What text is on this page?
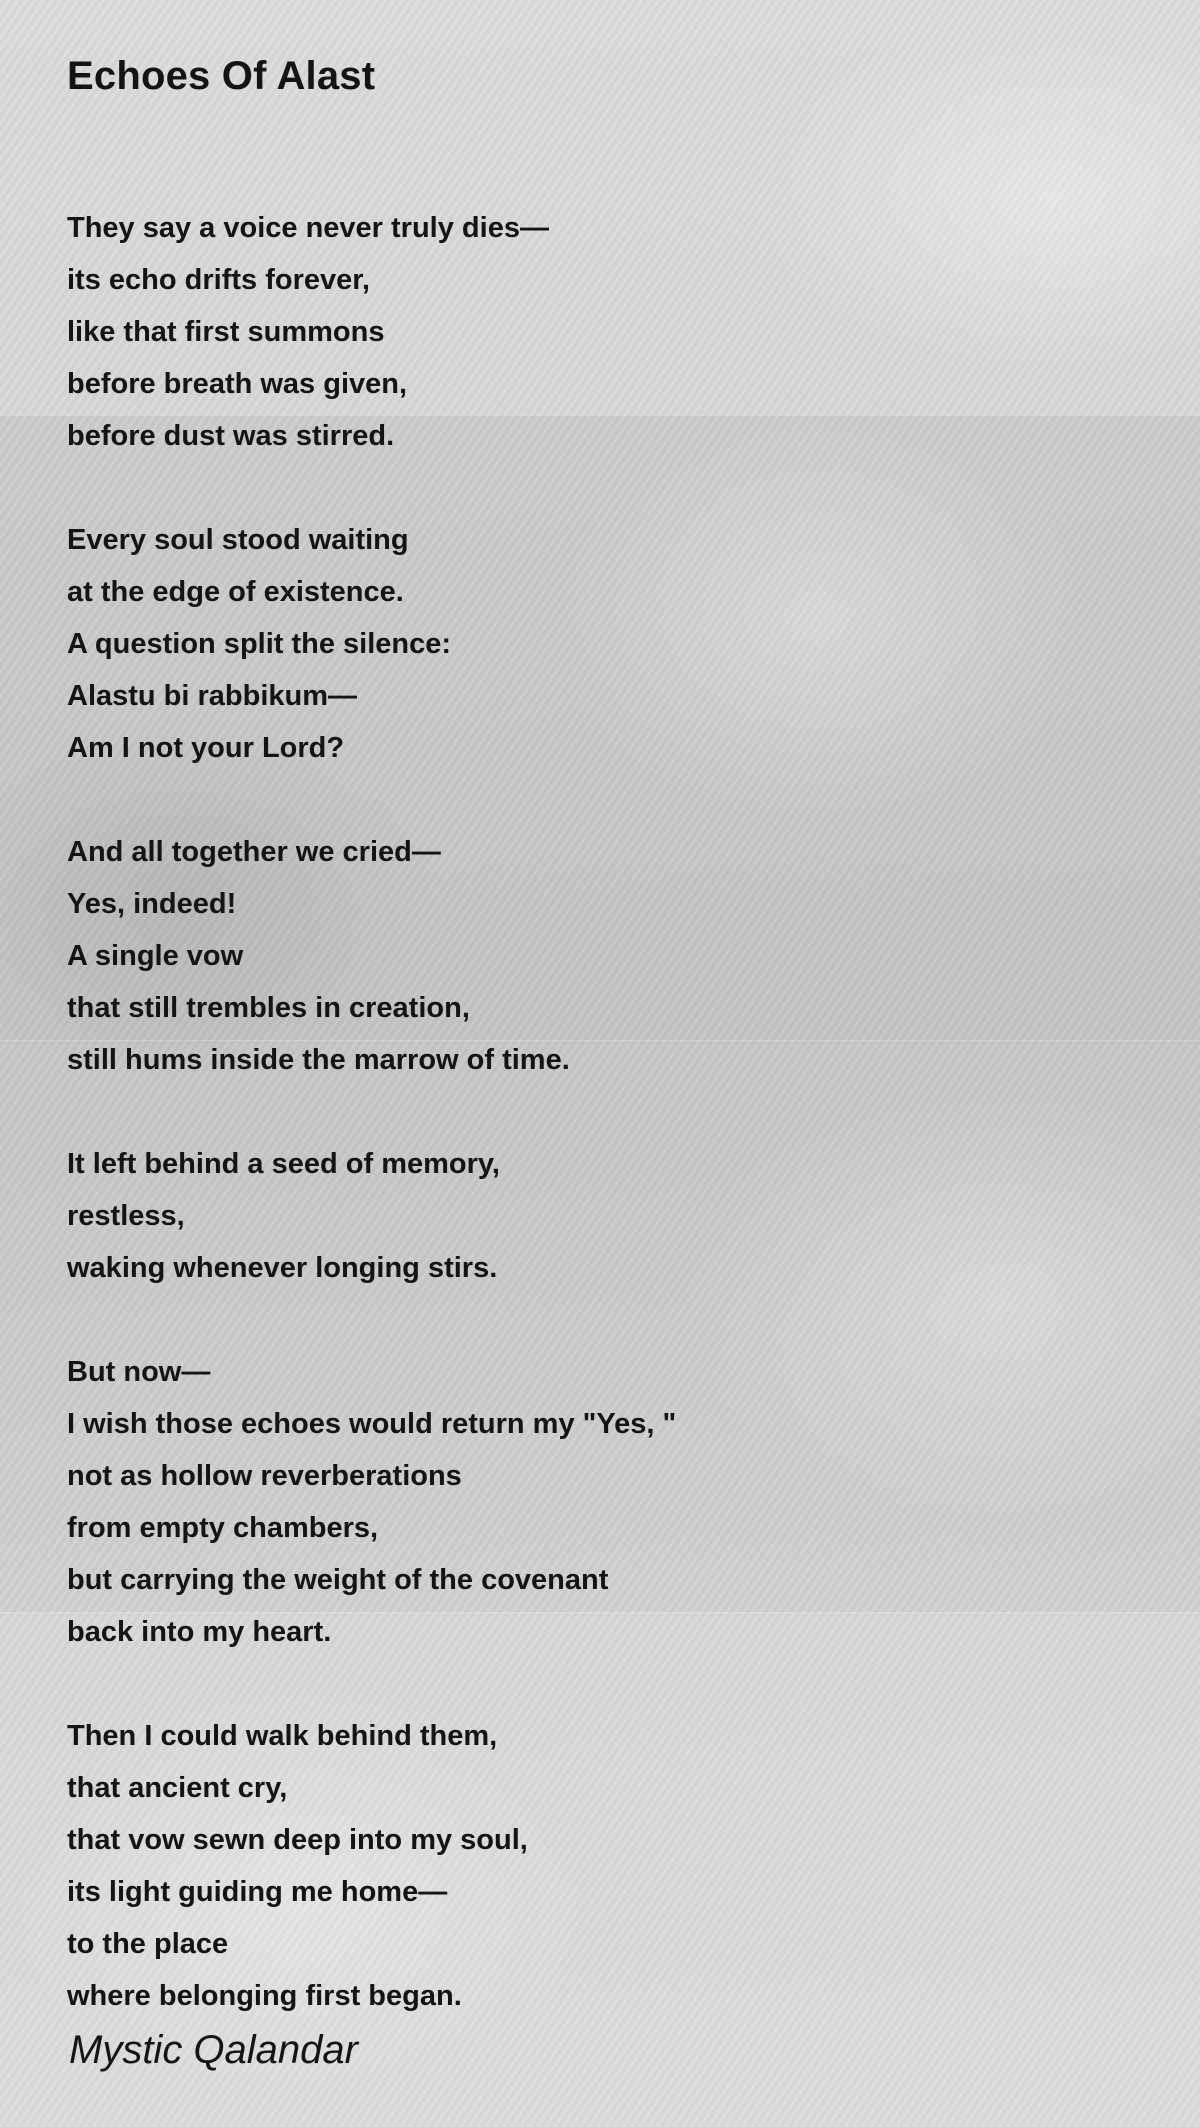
Echoes Of Alast
They say a voice never truly dies—
its echo drifts forever,
like that first summons
before breath was given,
before dust was stirred.
Every soul stood waiting
at the edge of existence.
A question split the silence:
Alastu bi rabbikum—
Am I not your Lord?
And all together we cried—
Yes, indeed!
A single vow
that still trembles in creation,
still hums inside the marrow of time.
It left behind a seed of memory,
restless,
waking whenever longing stirs.
But now—
I wish those echoes would return my "Yes, "
not as hollow reverberations
from empty chambers,
but carrying the weight of the covenant
back into my heart.
Then I could walk behind them,
that ancient cry,
that vow sewn deep into my soul,
its light guiding me home—
to the place
where belonging first began.
Mystic Qalandar
